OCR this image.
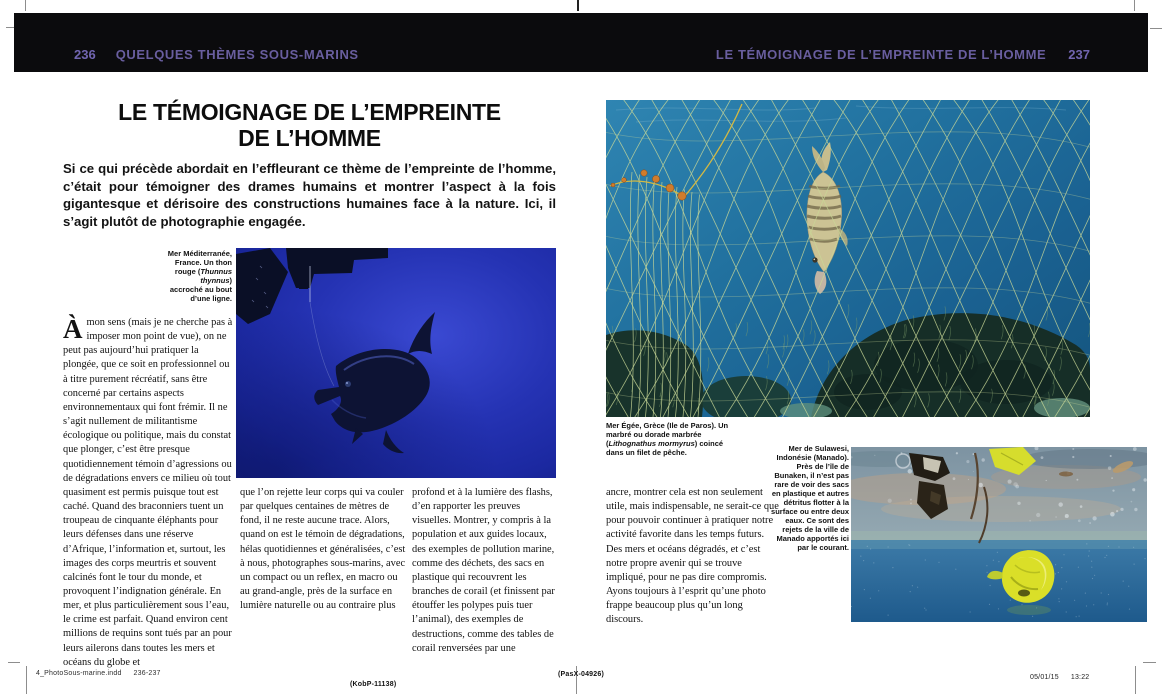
236 QUELQUES THÈMES SOUS-MARINS	LE TÉMOIGNAGE DE L’EMPREINTE DE L’HOMME 237
LE TÉMOIGNAGE DE L’EMPREINTE
DE L’HOMME
Si ce qui précède abordait en l’effleurant ce thème de l’empreinte de l’homme, c’était pour témoigner des drames humains et montrer l’aspect à la fois gigantesque et dérisoire des constructions humaines face à la nature. Ici, il s’agit plutôt de photographie engagée.
Mer Méditerranée, France. Un thon rouge (Thunnus thynnus) accroché au bout d’une ligne.
Àmon sens (mais je ne cherche pas à imposer mon point de vue), on ne peut pas aujourd’hui pratiquer la plongée, que ce soit en professionnel ou à titre purement récréatif, sans être concerné par certains aspects environnementaux qui font frémir. Il ne s’agit nullement de militantisme écologique ou politique, mais du constat que plonger, c’est être presque quotidiennement témoin d’agressions ou de dégradations envers ce milieu où tout quasiment est permis puisque tout est caché. Quand des braconniers tuent un troupeau de cinquante éléphants pour leurs défenses dans une réserve d’Afrique, l’information et, surtout, les images des corps meurtris et souvent calcinés font le tour du monde, et provoquent l’indignation générale. En mer, et plus particulièrement sous l’eau, le crime est parfait. Quand environ cent millions de requins sont tués par an pour leurs ailerons dans toutes les mers et océans du globe et
que l’on rejette leur corps qui va couler par quelques centaines de mètres de fond, il ne reste aucune trace. Alors, quand on est le témoin de dégradations, hélas quotidiennes et généralisées, c’est à nous, photographes sous-marins, avec un compact ou un reflex, en macro ou au grand-angle, près de la surface en lumière naturelle ou au contraire plus
profond et à la lumière des flashs, d’en rapporter les preuves visuelles. Montrer, y compris à la population et aux guides locaux, des exemples de pollution marine, comme des déchets, des sacs en plastique qui recouvrent les branches de corail (et finissent par étouffer les polypes puis tuer l’animal), des exemples de destructions, comme des tables de corail renversées par une
ancre, montrer cela est non seulement utile, mais indispensable, ne serait-ce que pour pouvoir continuer à pratiquer notre activité favorite dans les temps futurs. Des mers et océans dégradés, et c’est notre propre avenir qui se trouve impliqué, pour ne pas dire compromis. Ayons toujours à l’esprit qu’une photo frappe beaucoup plus qu’un long discours.
Mer Égée, Grèce (Ile de Paros). Un marbré ou dorade marbrée (Lithognathus mormyrus) coincé dans un filet de pêche.	Mer de Sulawesi, Indonésie (Manado). Près de l’île de Bunaken, il n’est pas rare de voir des sacs en plastique et autres détritus flotter à la surface ou entre deux eaux. Ce sont des rejets de la ville de Manado apportés ici par le courant.
4_PhotoSous-marine.indd 236-237
(KobP-11138)
(PasX-04926)	05/01/15 13:22
